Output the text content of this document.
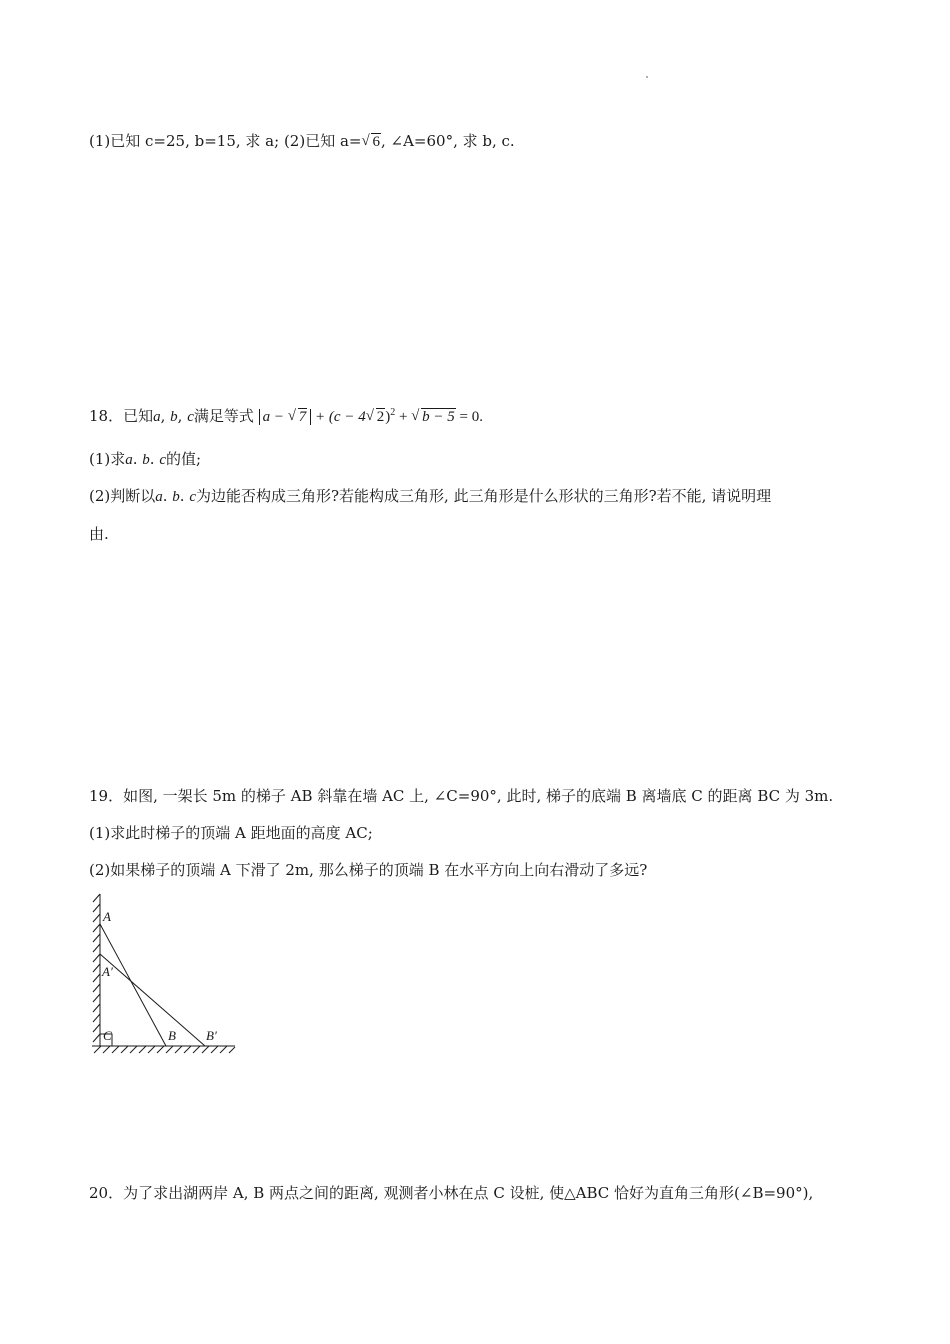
(1)已知 c=25, b=15, 求 a; (2)已知 a= √ 6, ∠A=60°, 求 b, c.
18．已知a, b, c满足等式 a − √ 7 + (c − 4 √ 2)$^2$ + √ b − 5 = 0.
(1)求a. b. c的值;
(2)判断以a. b. c为边能否构成三角形?若能构成三角形, 此三角形是什么形状的三角形?若不能, 请说明理
由.
19．如图, 一架长 5m 的梯子 AB 斜靠在墙 AC 上, ∠C=90°, 此时, 梯子的底端 B 离墙底 C 的距离 BC 为 3m.
(1)求此时梯子的顶端 A 距地面的高度 AC;
(2)如果梯子的顶端 A 下滑了 2m, 那么梯子的顶端 B 在水平方向上向右滑动了多远?
A
A′
C	B B′
20．为了求出湖两岸 A, B 两点之间的距离, 观测者小林在点 C 设桩, 使△ABC 恰好为直角三角形(∠B=90°),
